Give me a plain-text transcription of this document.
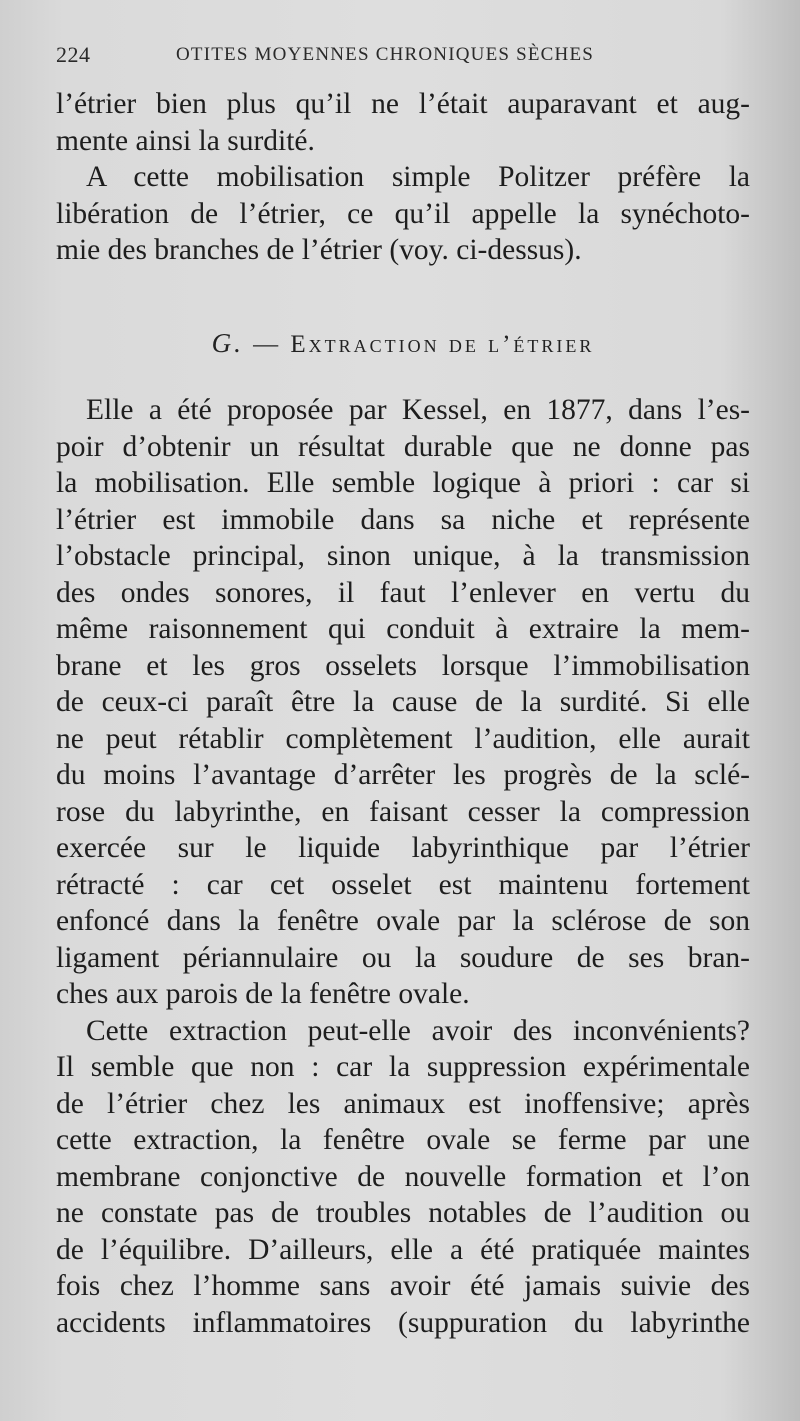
224	OTITES MOYENNES CHRONIQUES SÈCHES
l’étrier bien plus qu’il ne l’était auparavant et aug-
mente ainsi la surdité.
A cette mobilisation simple Politzer préfère la
libération de l’étrier, ce qu’il appelle la synéchoto-
mie des branches de l’étrier (voy. ci-dessus).
G. — Extraction de l’étrier
Elle a été proposée par Kessel, en 1877, dans l’es-
poir d’obtenir un résultat durable que ne donne pas
la mobilisation. Elle semble logique à priori : car si
l’étrier est immobile dans sa niche et représente
l’obstacle principal, sinon unique, à la transmission
des ondes sonores, il faut l’enlever en vertu du
même raisonnement qui conduit à extraire la mem-
brane et les gros osselets lorsque l’immobilisation
de ceux-ci paraît être la cause de la surdité. Si elle
ne peut rétablir complètement l’audition, elle aurait
du moins l’avantage d’arrêter les progrès de la sclé-
rose du labyrinthe, en faisant cesser la compression
exercée sur le liquide labyrinthique par l’étrier
rétracté : car cet osselet est maintenu fortement
enfoncé dans la fenêtre ovale par la sclérose de son
ligament périannulaire ou la soudure de ses bran-
ches aux parois de la fenêtre ovale.
Cette extraction peut-elle avoir des inconvénients?
Il semble que non : car la suppression expérimentale
de l’étrier chez les animaux est inoffensive; après
cette extraction, la fenêtre ovale se ferme par une
membrane conjonctive de nouvelle formation et l’on
ne constate pas de troubles notables de l’audition ou
de l’équilibre. D’ailleurs, elle a été pratiquée maintes
fois chez l’homme sans avoir été jamais suivie des
accidents inflammatoires (suppuration du labyrinthe
